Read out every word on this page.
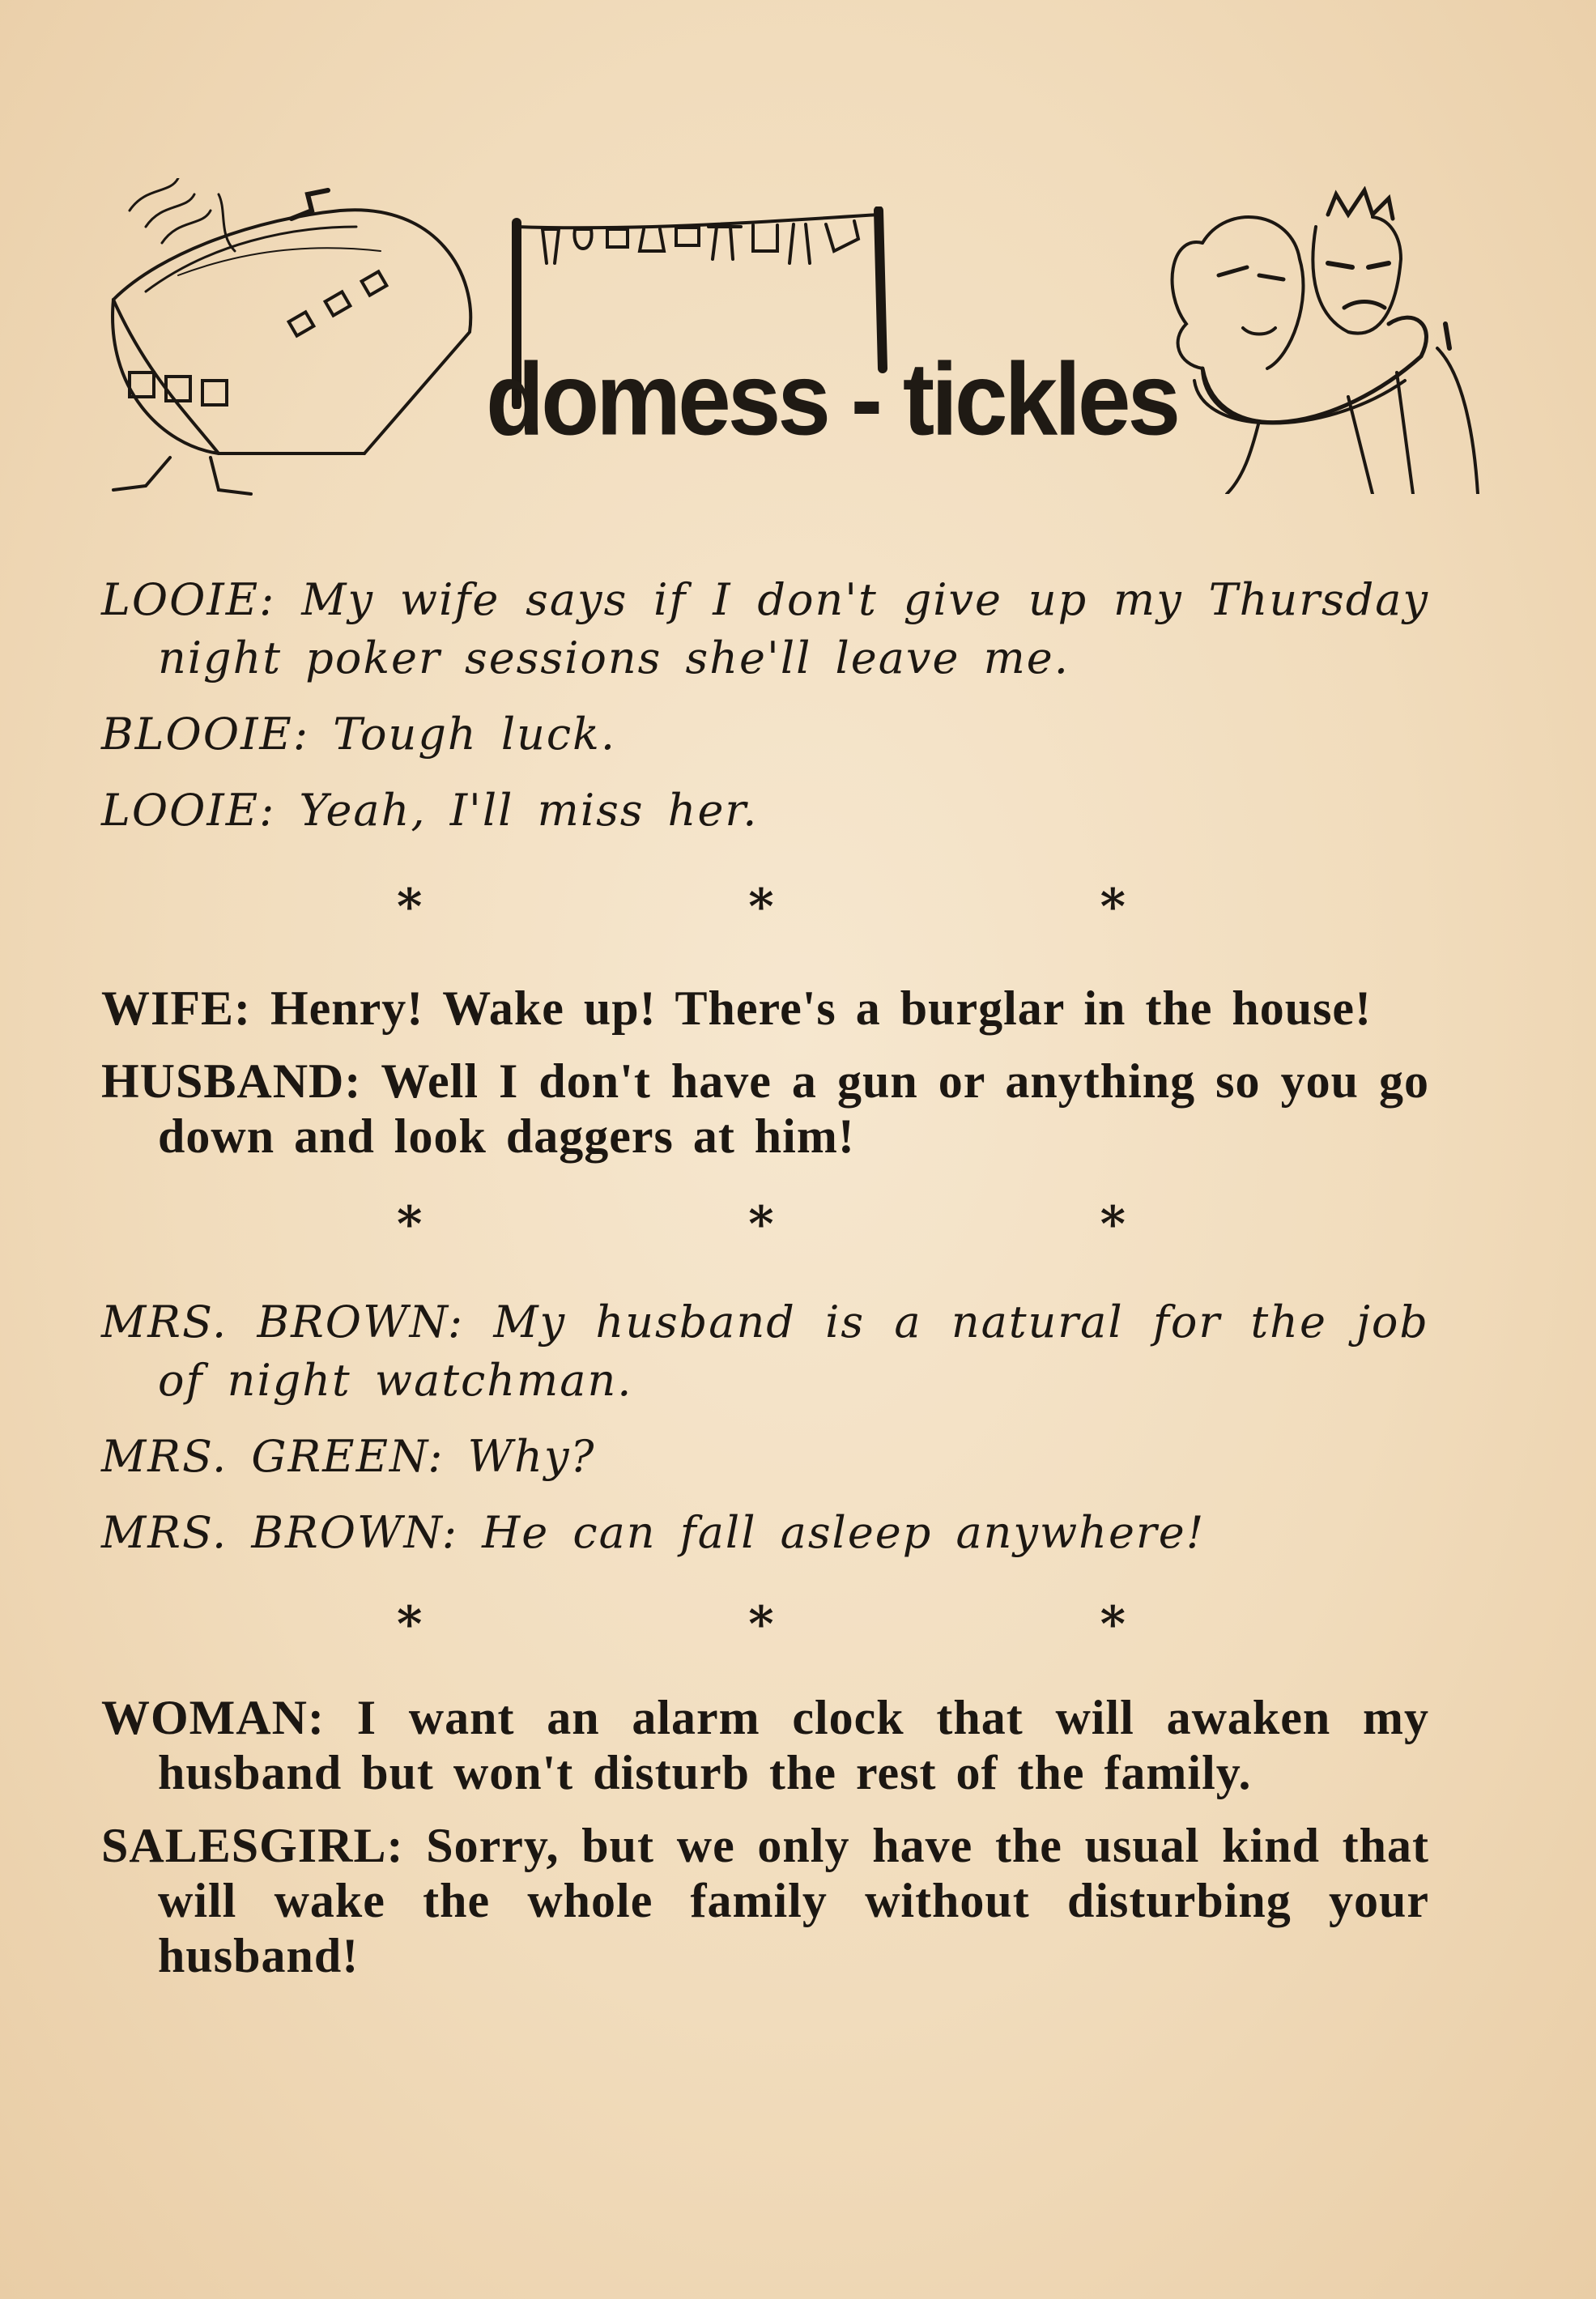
domess - tickles
LOOIE: My wife says if I don't give up my Thursday night poker sessions she'll leave me.
BLOOIE: Tough luck.
LOOIE: Yeah, I'll miss her.
*	*	*
WIFE: Henry! Wake up! There's a burglar in the house!
HUSBAND: Well I don't have a gun or anything so you go down and look daggers at him!
*	*	*
MRS. BROWN: My husband is a natural for the job of night watchman.
MRS. GREEN: Why?
MRS. BROWN: He can fall asleep anywhere!
*	*	*
WOMAN: I want an alarm clock that will awaken my husband but won't disturb the rest of the family.
SALESGIRL: Sorry, but we only have the usual kind that will wake the whole family without disturbing your husband!
